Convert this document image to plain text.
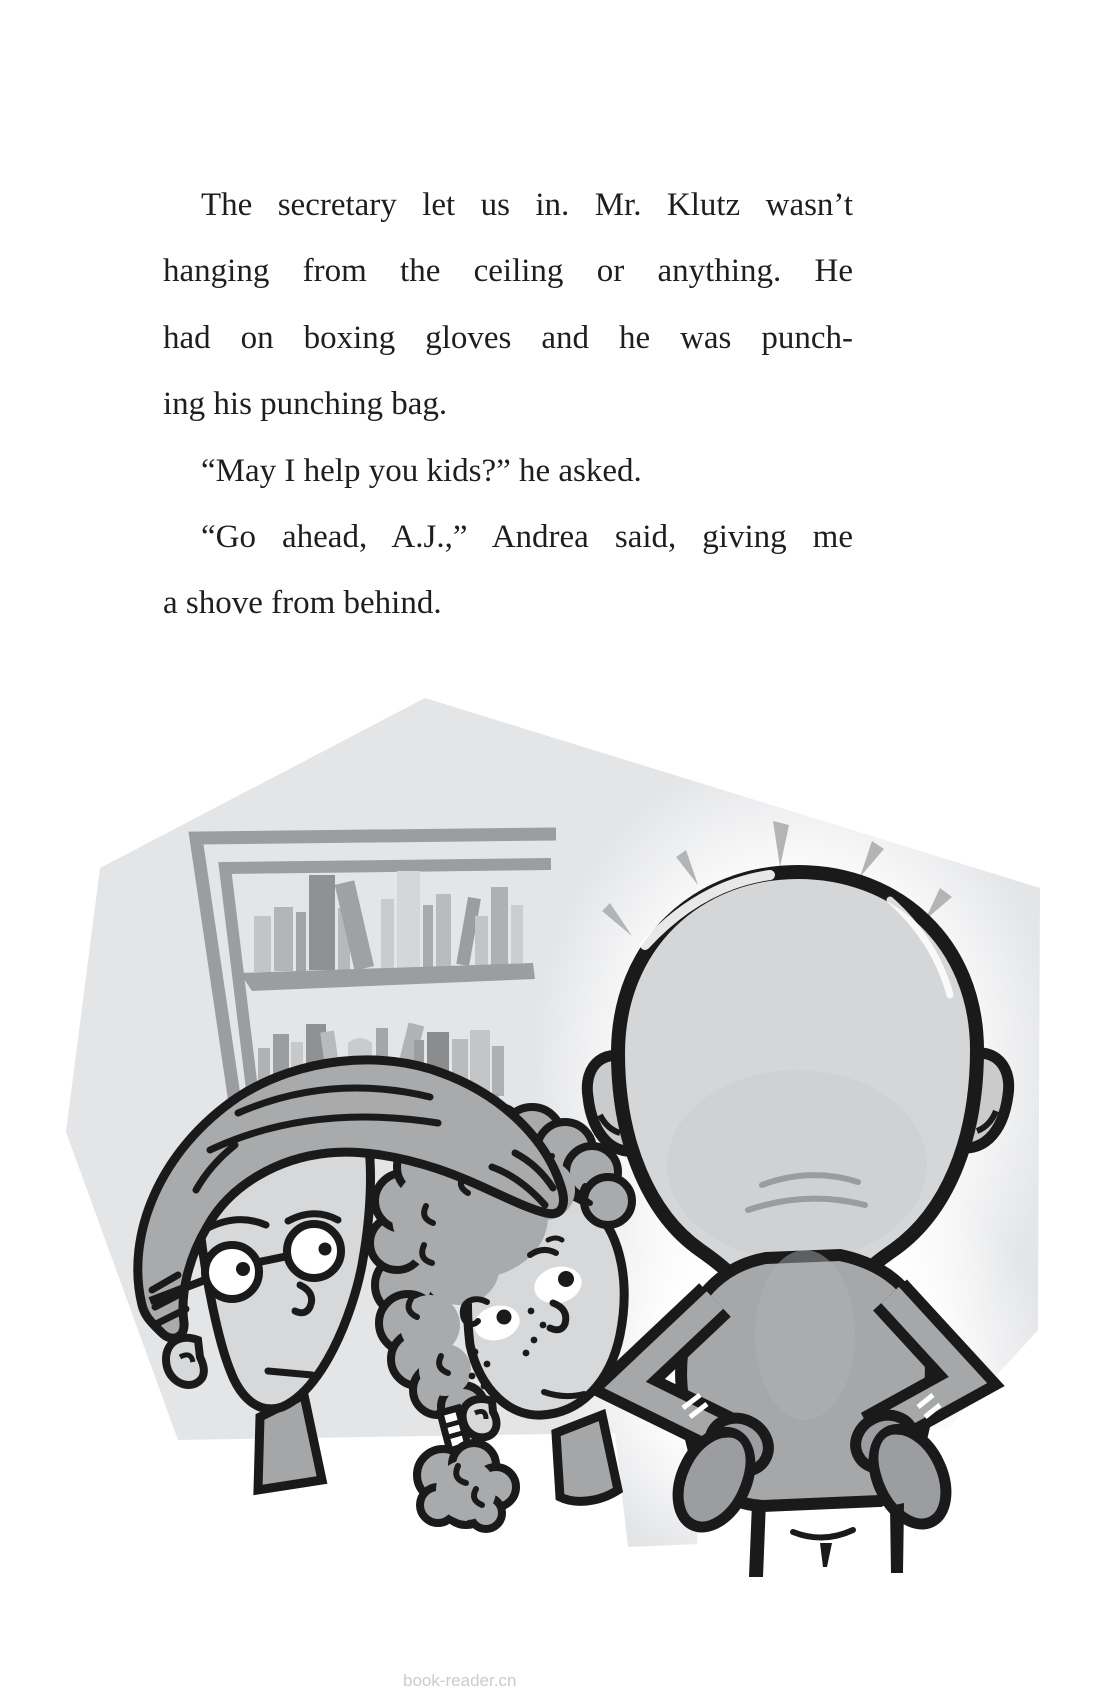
The secretary let us in. Mr. Klutz wasn’t
hanging from the ceiling or anything. He
had on boxing gloves and he was punch-
ing his punching bag.
“May I help you kids?” he asked.
“Go ahead, A.J.,” Andrea said, giving me
a shove from behind.
book-reader.cn
